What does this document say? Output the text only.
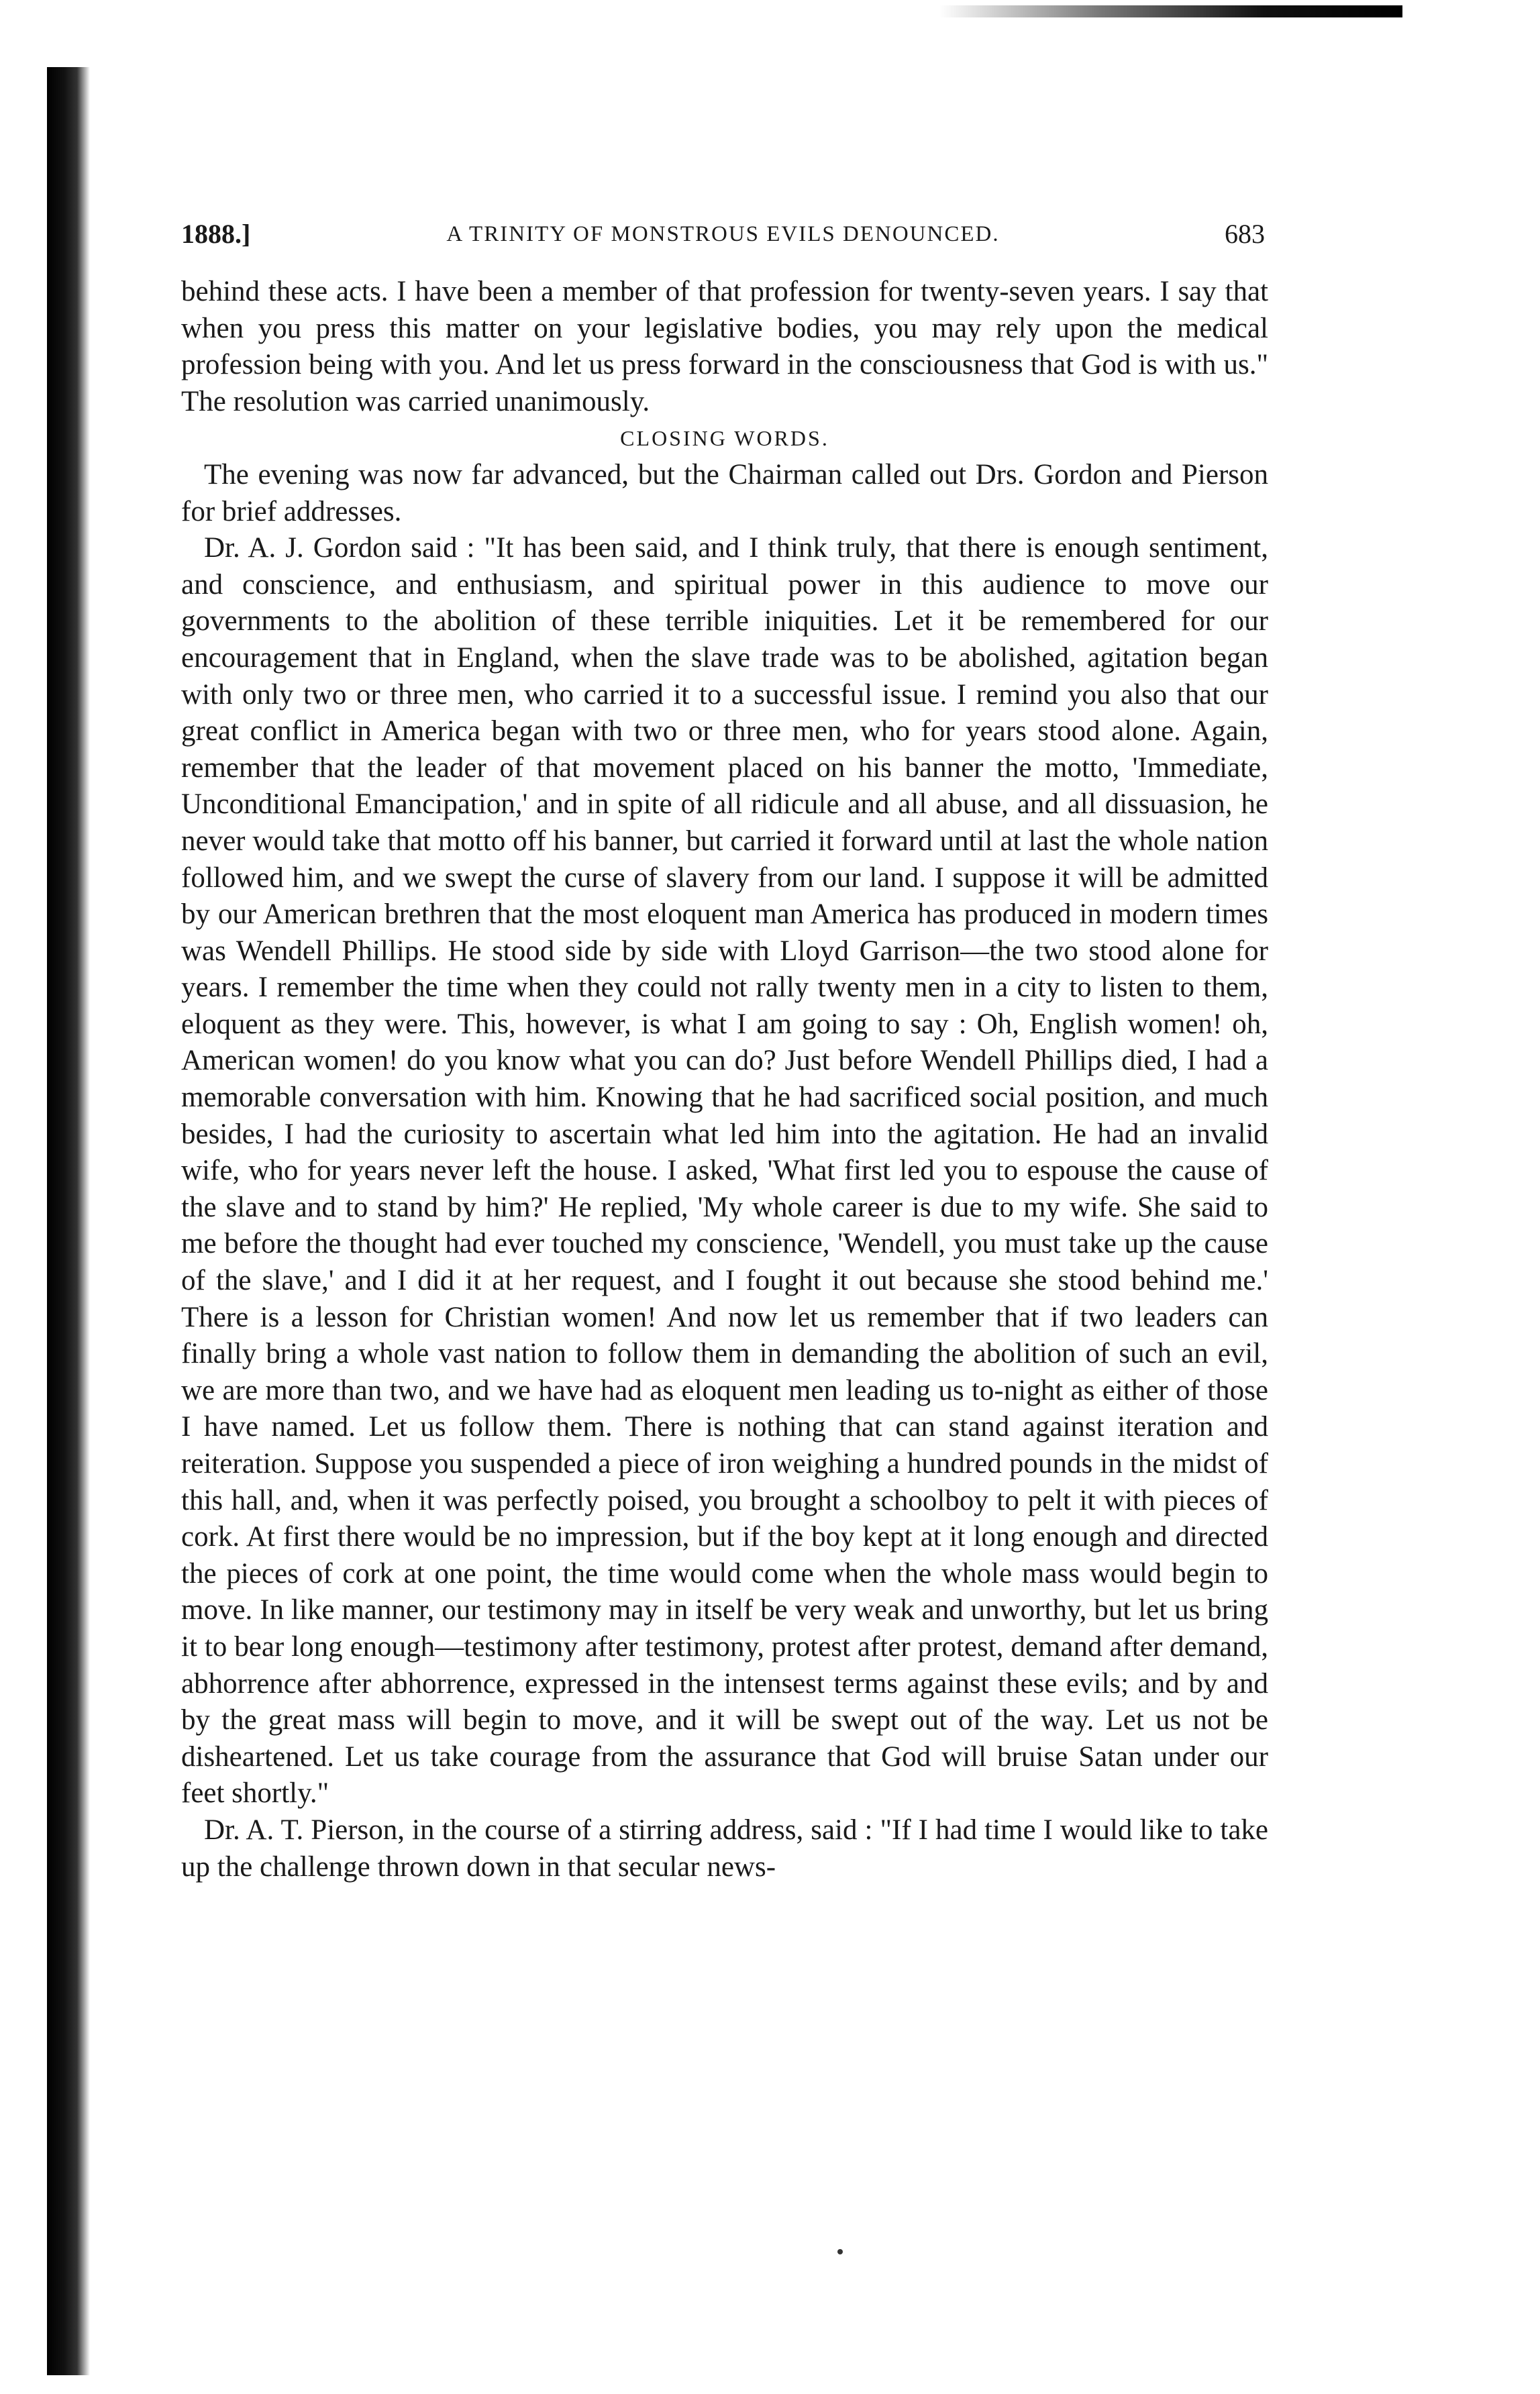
1888.]	A TRINITY OF MONSTROUS EVILS DENOUNCED.	683

behind these acts. I have been a member of that profession for twenty-seven years. I say that when you press this matter on your legislative bodies, you may rely upon the medical profession being with you. And let us press forward in the consciousness that God is with us." The resolution was carried unanimously.

CLOSING WORDS.

The evening was now far advanced, but the Chairman called out Drs. Gordon and Pierson for brief addresses.

Dr. A. J. Gordon said : "It has been said, and I think truly, that there is enough sentiment, and conscience, and enthusiasm, and spiritual power in this audience to move our governments to the abolition of these terrible iniquities. Let it be remembered for our encouragement that in England, when the slave trade was to be abolished, agitation began with only two or three men, who carried it to a successful issue. I remind you also that our great conflict in America began with two or three men, who for years stood alone. Again, remember that the leader of that movement placed on his banner the motto, 'Immediate, Unconditional Emancipation,' and in spite of all ridicule and all abuse, and all dissuasion, he never would take that motto off his banner, but carried it forward until at last the whole nation followed him, and we swept the curse of slavery from our land. I suppose it will be admitted by our American brethren that the most eloquent man America has produced in modern times was Wendell Phillips. He stood side by side with Lloyd Garrison—the two stood alone for years. I remember the time when they could not rally twenty men in a city to listen to them, eloquent as they were. This, however, is what I am going to say : Oh, English women! oh, American women! do you know what you can do? Just before Wendell Phillips died, I had a memorable conversation with him. Knowing that he had sacrificed social position, and much besides, I had the curiosity to ascertain what led him into the agitation. He had an invalid wife, who for years never left the house. I asked, 'What first led you to espouse the cause of the slave and to stand by him?' He replied, 'My whole career is due to my wife. She said to me before the thought had ever touched my conscience, 'Wendell, you must take up the cause of the slave,' and I did it at her request, and I fought it out because she stood behind me.' There is a lesson for Christian women! And now let us remember that if two leaders can finally bring a whole vast nation to follow them in demanding the abolition of such an evil, we are more than two, and we have had as eloquent men leading us to-night as either of those I have named. Let us follow them. There is nothing that can stand against iteration and reiteration. Suppose you suspended a piece of iron weighing a hundred pounds in the midst of this hall, and, when it was perfectly poised, you brought a schoolboy to pelt it with pieces of cork. At first there would be no impression, but if the boy kept at it long enough and directed the pieces of cork at one point, the time would come when the whole mass would begin to move. In like manner, our testimony may in itself be very weak and unworthy, but let us bring it to bear long enough—testimony after testimony, protest after protest, demand after demand, abhorrence after abhorrence, expressed in the intensest terms against these evils; and by and by the great mass will begin to move, and it will be swept out of the way. Let us not be disheartened. Let us take courage from the assurance that God will bruise Satan under our feet shortly."

Dr. A. T. Pierson, in the course of a stirring address, said : "If I had time I would like to take up the challenge thrown down in that secular news-
